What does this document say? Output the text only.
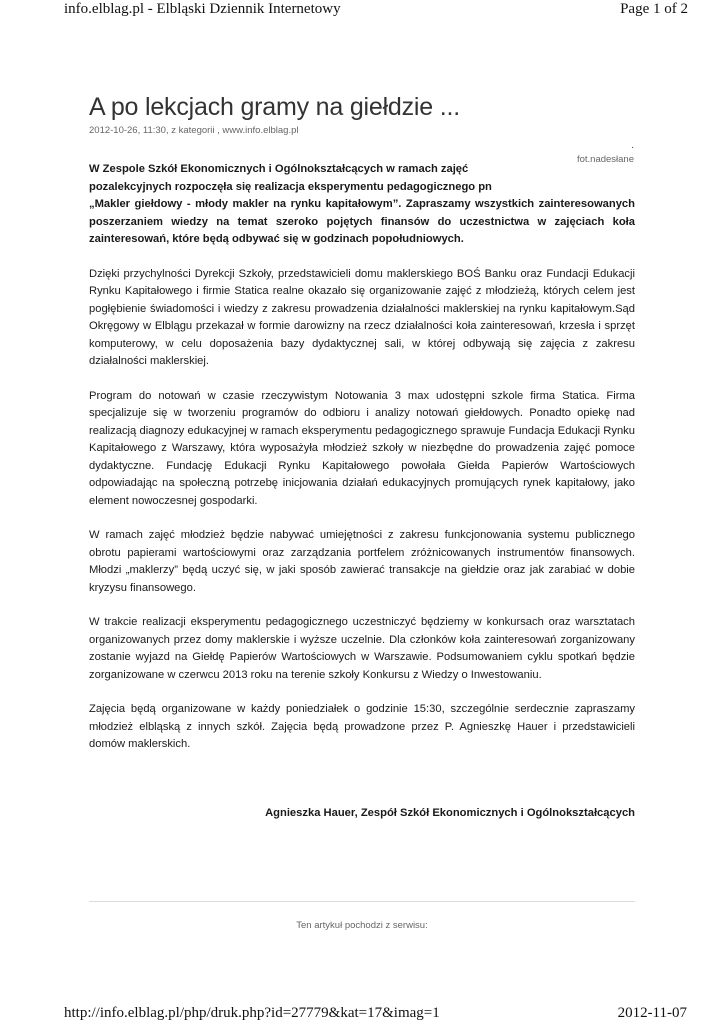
info.elblag.pl - Elbląski Dziennik Internetowy	Page 1 of 2
A po lekcjach gramy na giełdzie ...
2012-10-26, 11:30, z kategorii , www.info.elblag.pl
.
fot.nadesłane
W Zespole Szkół Ekonomicznych i Ogólnokształcących w ramach zajęć
pozalekcyjnych rozpoczęła się realizacja eksperymentu pedagogicznego pn
„Makler giełdowy - młody makler na rynku kapitałowym”. Zapraszamy wszystkich zainteresowanych poszerzaniem wiedzy na temat szeroko pojętych finansów do uczestnictwa w zajęciach koła zainteresowań, które będą odbywać się w godzinach popołudniowych.

Dzięki przychylności Dyrekcji Szkoły, przedstawicieli domu maklerskiego BOŚ Banku oraz Fundacji Edukacji Rynku Kapitałowego i firmie Statica realne okazało się organizowanie zajęć z młodzieżą, których celem jest pogłębienie świadomości i wiedzy z zakresu prowadzenia działalności maklerskiej na rynku kapitałowym.Sąd Okręgowy w Elblągu przekazał w formie darowizny na rzecz działalności koła zainteresowań, krzesła i sprzęt komputerowy, w celu doposażenia bazy dydaktycznej sali, w której odbywają się zajęcia z zakresu działalności maklerskiej.

Program do notowań w czasie rzeczywistym Notowania 3 max udostępni szkole firma Statica. Firma specjalizuje się w tworzeniu programów do odbioru i analizy notowań giełdowych. Ponadto opiekę nad realizacją diagnozy edukacyjnej w ramach eksperymentu pedagogicznego sprawuje Fundacja Edukacji Rynku Kapitałowego z Warszawy, która wyposażyła młodzież szkoły w niezbędne do prowadzenia zajęć pomoce dydaktyczne. Fundację Edukacji Rynku Kapitałowego powołała Giełda Papierów Wartościowych odpowiadając na społeczną potrzebę inicjowania działań edukacyjnych promujących rynek kapitałowy, jako element nowoczesnej gospodarki.

W ramach zajęć młodzież będzie nabywać umiejętności z zakresu funkcjonowania systemu publicznego obrotu papierami wartościowymi oraz zarządzania portfelem zróżnicowanych instrumentów finansowych. Młodzi „maklerzy” będą uczyć się, w jaki sposób zawierać transakcje na giełdzie oraz jak zarabiać w dobie kryzysu finansowego.

W trakcie realizacji eksperymentu pedagogicznego uczestniczyć będziemy w konkursach oraz warsztatach organizowanych przez domy maklerskie i wyższe uczelnie. Dla członków koła zainteresowań zorganizowany zostanie wyjazd na Giełdę Papierów Wartościowych w Warszawie. Podsumowaniem cyklu spotkań będzie zorganizowane w czerwcu 2013 roku na terenie szkoły Konkursu z Wiedzy o Inwestowaniu.

Zajęcia będą organizowane w każdy poniedziałek o godzinie 15:30, szczególnie serdecznie zapraszamy młodzież elbląską z innych szkół. Zajęcia będą prowadzone przez P. Agnieszkę Hauer i przedstawicieli domów maklerskich.

Agnieszka Hauer, Zespół Szkół Ekonomicznych i Ogólnokształcących
Ten artykuł pochodzi z serwisu:
http://info.elblag.pl/php/druk.php?id=27779&kat=17&imag=1	2012-11-07
